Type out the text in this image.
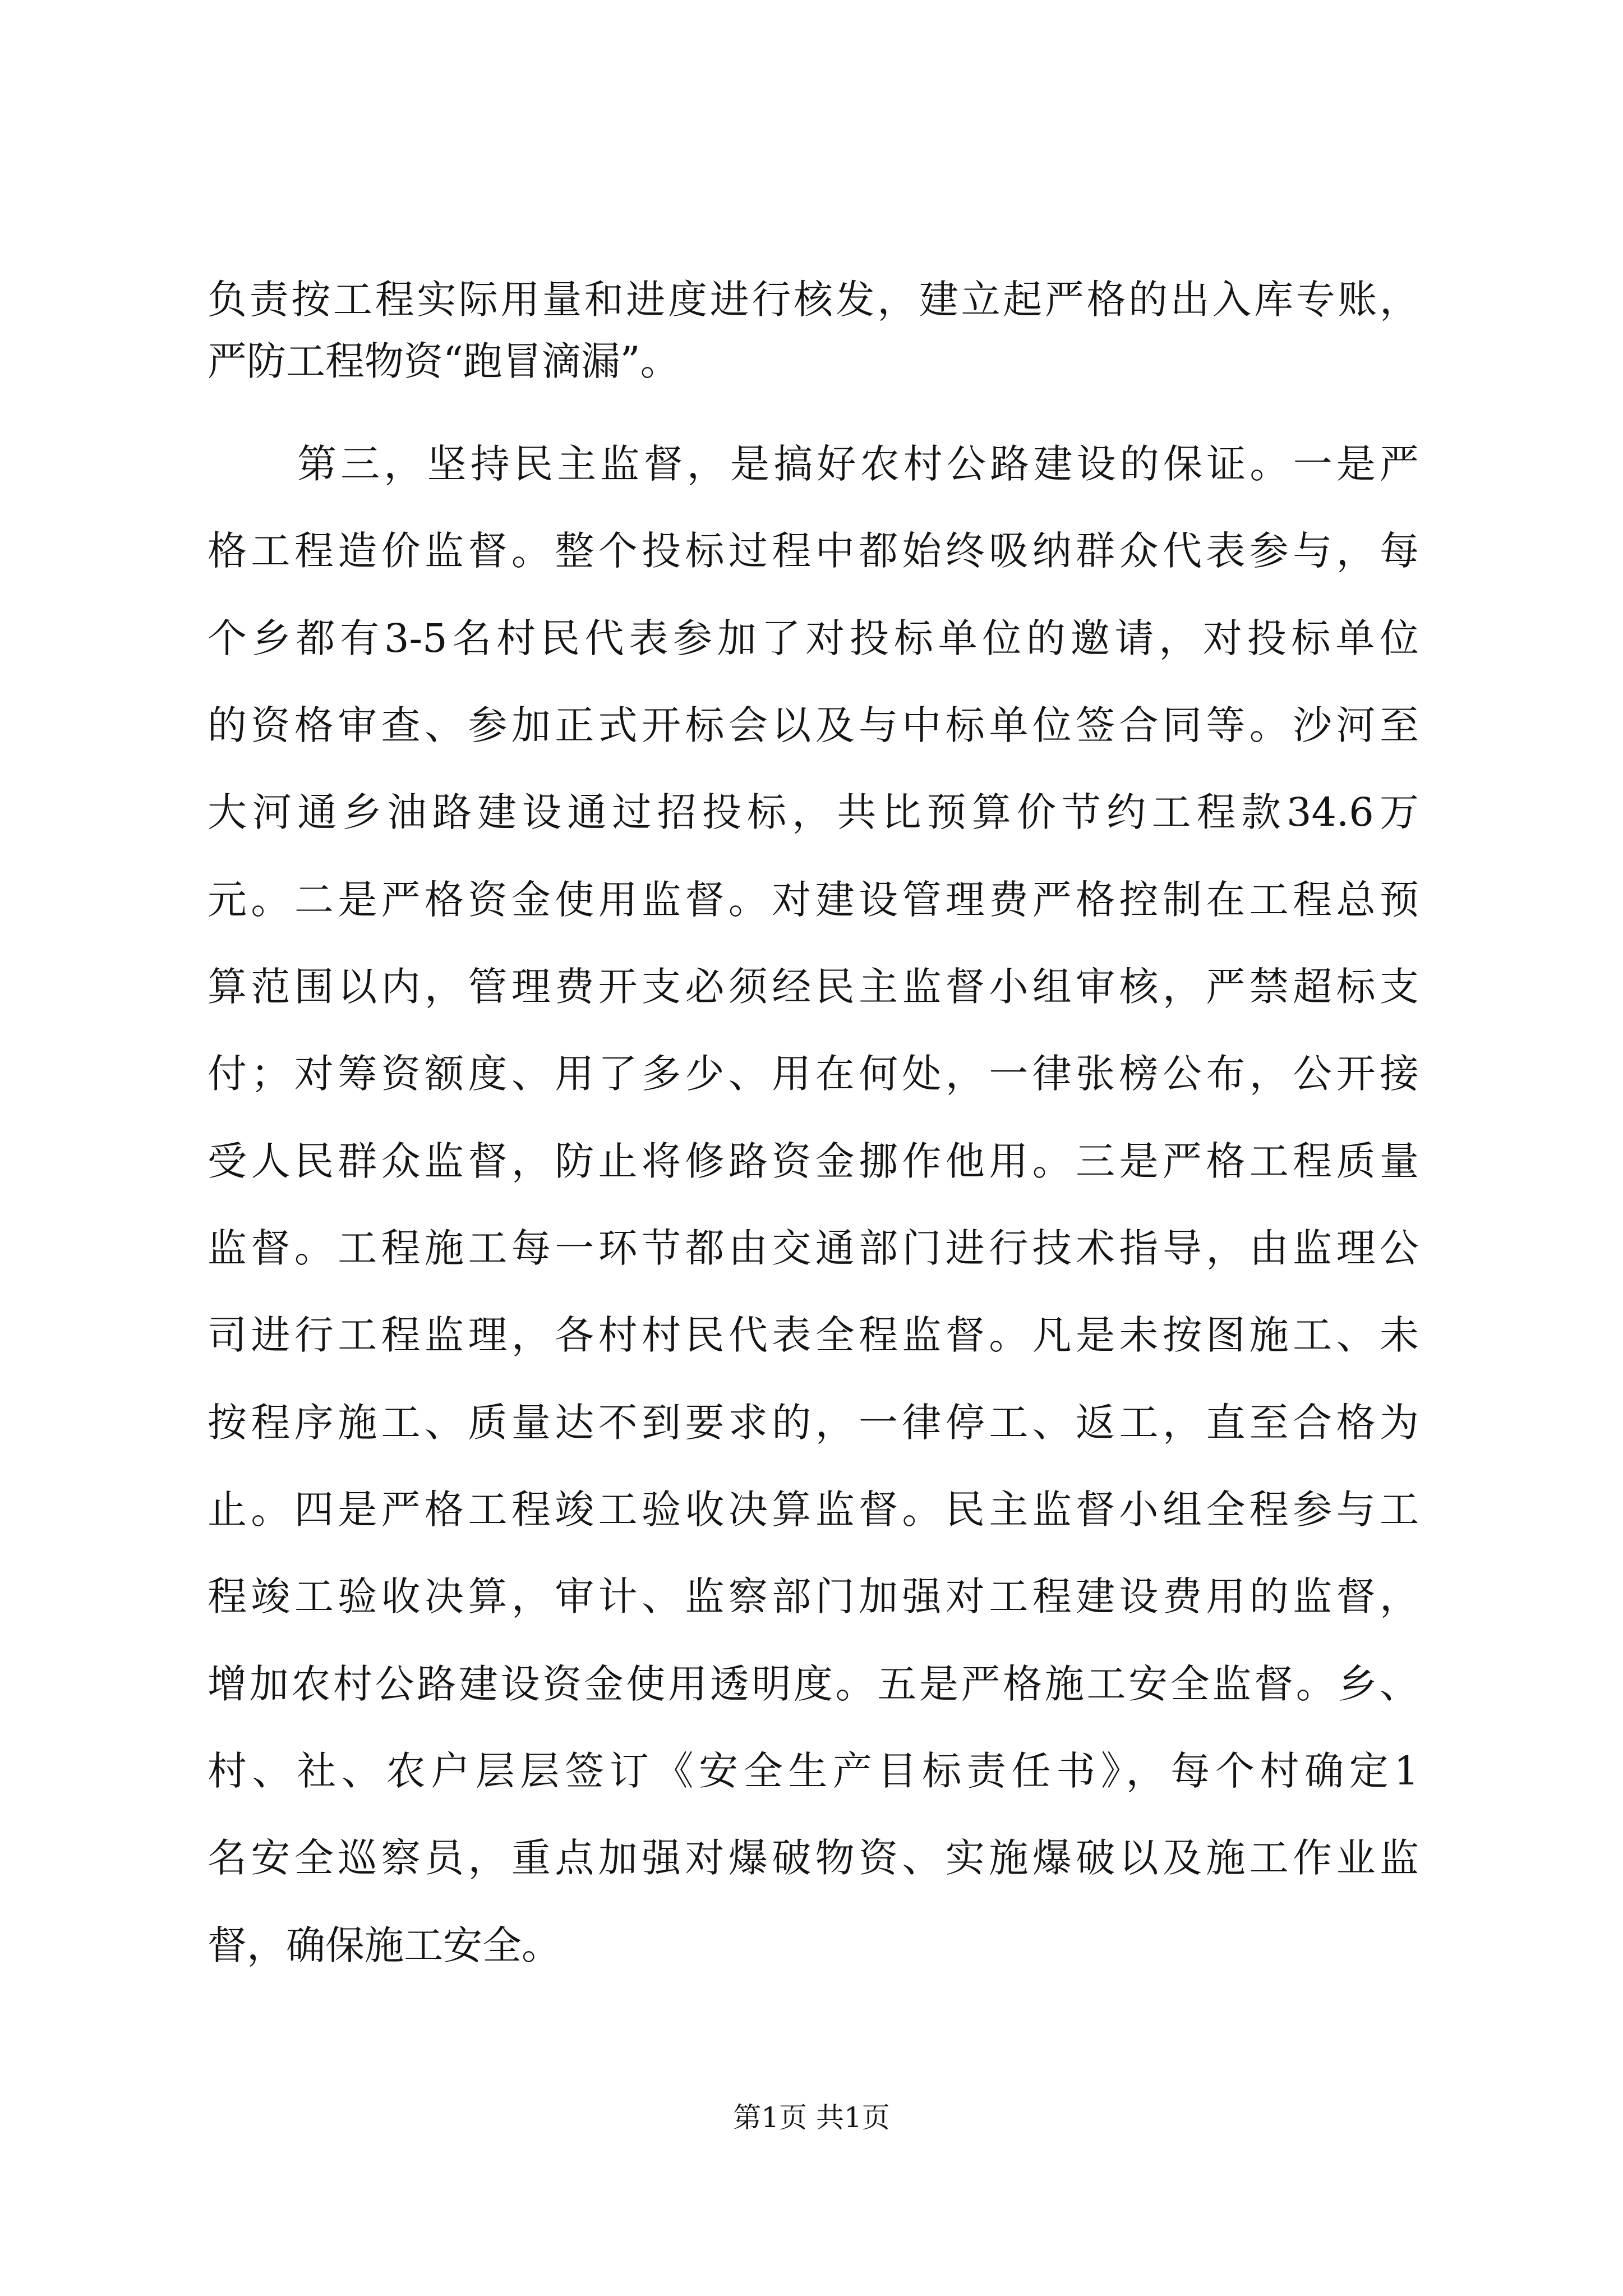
负责按工程实际用量和进度进行核发，建立起严格的出入库专账，
严防工程物资“跑冒滴漏”。
第三，坚持民主监督，是搞好农村公路建设的保证。一是严
格工程造价监督。整个投标过程中都始终吸纳群众代表参与，每
个乡都有3-5名村民代表参加了对投标单位的邀请，对投标单位
的资格审查、参加正式开标会以及与中标单位签合同等。沙河至
大河通乡油路建设通过招投标，共比预算价节约工程款34.6万
元。二是严格资金使用监督。对建设管理费严格控制在工程总预
算范围以内，管理费开支必须经民主监督小组审核，严禁超标支
付；对筹资额度、用了多少、用在何处，一律张榜公布，公开接
受人民群众监督，防止将修路资金挪作他用。三是严格工程质量
监督。工程施工每一环节都由交通部门进行技术指导，由监理公
司进行工程监理，各村村民代表全程监督。凡是未按图施工、未
按程序施工、质量达不到要求的，一律停工、返工，直至合格为
止。四是严格工程竣工验收决算监督。民主监督小组全程参与工
程竣工验收决算，审计、监察部门加强对工程建设费用的监督，
增加农村公路建设资金使用透明度。五是严格施工安全监督。乡、
村、社、农户层层签订《安全生产目标责任书》，每个村确定1
名安全巡察员，重点加强对爆破物资、实施爆破以及施工作业监
督，确保施工安全。
第1页 共1页
